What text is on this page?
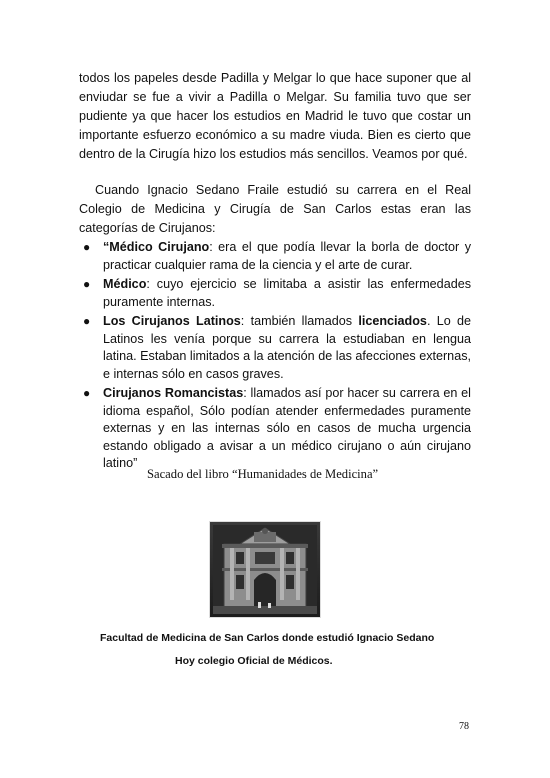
todos los papeles desde Padilla y Melgar lo que hace suponer que al enviudar se fue a vivir a Padilla o Melgar. Su familia tuvo que ser pudiente ya que hacer los estudios en Madrid le tuvo que costar un importante esfuerzo económico a su madre viuda. Bien es cierto que dentro de la Cirugía hizo los estudios más sencillos. Veamos por qué.

Cuando Ignacio Sedano Fraile estudió su carrera en el Real Colegio de Medicina y Cirugía de San Carlos estas eran las categorías de Cirujanos:

● “Médico Cirujano: era el que podía llevar la borla de doctor y practicar cualquier rama de la ciencia y el arte de curar.
● Médico: cuyo ejercicio se limitaba a asistir las enfermedades puramente internas.
● Los Cirujanos Latinos: también llamados licenciados. Lo de Latinos les venía porque su carrera la estudiaban en lengua latina. Estaban limitados a la atención de las afecciones externas, e internas sólo en casos graves.
● Cirujanos Romancistas: llamados así por hacer su carrera en el idioma español, Sólo podían atender enfermedades puramente externas y en las internas sólo en casos de mucha urgencia estando obligado a avisar a un médico cirujano o aún cirujano latino”

Sacado del libro “Humanidades de Medicina”

Facultad de Medicina de San Carlos donde estudió Ignacio Sedano

Hoy colegio Oficial de Médicos.

78
